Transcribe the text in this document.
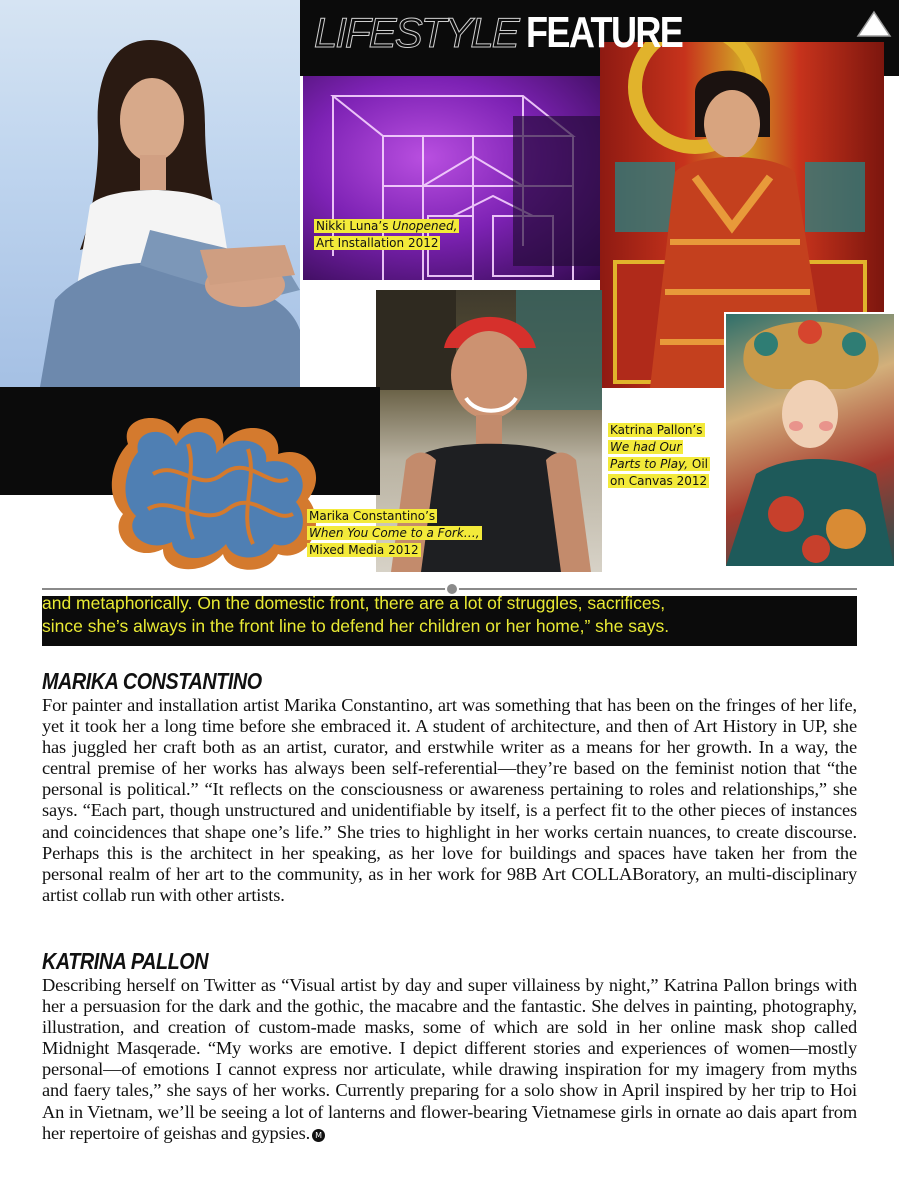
LIFESTYLE FEATURE
Nikki Luna’s Unopened,
Art Installation 2012
Marika Constantino’s
When You Come to a Fork…, Mixed Media 2012
Katrina Pallon’s We had Our Parts to Play, Oil on Canvas 2012

and metaphorically. On the domestic front, there are a lot of struggles, sacrifices,

since she’s always in the front line to defend her children or her home,” she says.

MARIKA CONSTANTINO

For painter and installation artist Marika Constantino, art was something that has been on the fringes of her life, yet it took her a long time before she embraced it. A student of architecture, and then of Art History in UP, she has juggled her craft both as an artist, curator, and erstwhile writer as a means for her growth. In a way, the central premise of her works has always been self-referential—they’re based on the feminist notion that “the personal is political.” “It reflects on the consciousness or awareness pertaining to roles and relationships,” she says. “Each part, though unstructured and unidentifiable by itself, is a perfect fit to the other pieces of instances and coincidences that shape one’s life.” She tries to highlight in her works certain nuances, to create discourse. Perhaps this is the architect in her speaking, as her love for buildings and spaces have taken her from the personal realm of her art to the community, as in her work for 98B Art COLLABoratory, an multi-disciplinary artist collab run with other artists.

KATRINA PALLON

Describing herself on Twitter as “Visual artist by day and super villainess by night,” Katrina Pallon brings with her a persuasion for the dark and the gothic, the macabre and the fantastic. She delves in painting, photography, illustration, and creation of custom-made masks, some of which are sold in her online mask shop called Midnight Masqerade. “My works are emotive. I depict different stories and experiences of women—mostly personal—of emotions I cannot express nor articulate, while drawing inspiration for my imagery from myths and faery tales,” she says of her works. Currently preparing for a solo show in April inspired by her trip to Hoi An in Vietnam, we’ll be seeing a lot of lanterns and flower-bearing Vietnamese girls in ornate ao dais apart from her repertoire of geishas and gypsies. M
